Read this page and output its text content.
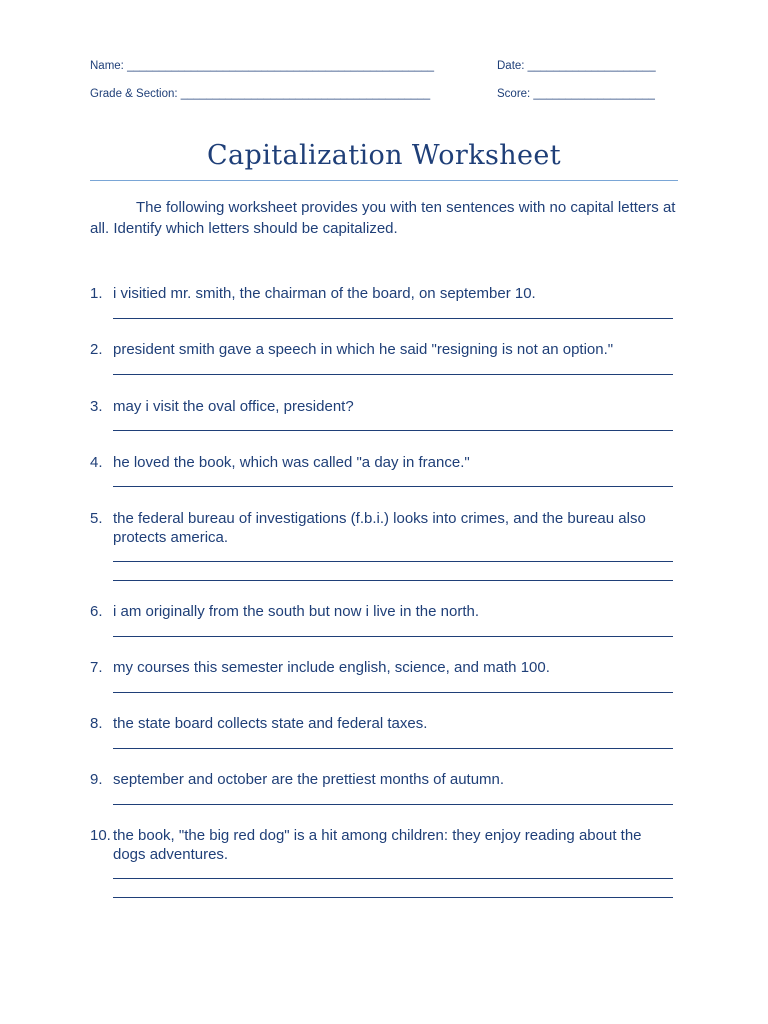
Name: ________________________________________________	Date: ____________________
Grade & Section: _______________________________________	Score: ___________________
Capitalization Worksheet
The following worksheet provides you with ten sentences with no capital letters at all. Identify which letters should be capitalized.
1. i visitied mr. smith, the chairman of the board, on september 10.
2. president smith gave a speech in which he said "resigning is not an option."
3. may i visit the oval office, president?
4. he loved the book, which was called "a day in france."
5. the federal bureau of investigations (f.b.i.) looks into crimes, and the bureau also protects america.
6. i am originally from the south but now i live in the north.
7. my courses this semester include english, science, and math 100.
8. the state board collects state and federal taxes.
9. september and october are the prettiest months of autumn.
10. the book, "the big red dog" is a hit among children: they enjoy reading about the dogs adventures.
